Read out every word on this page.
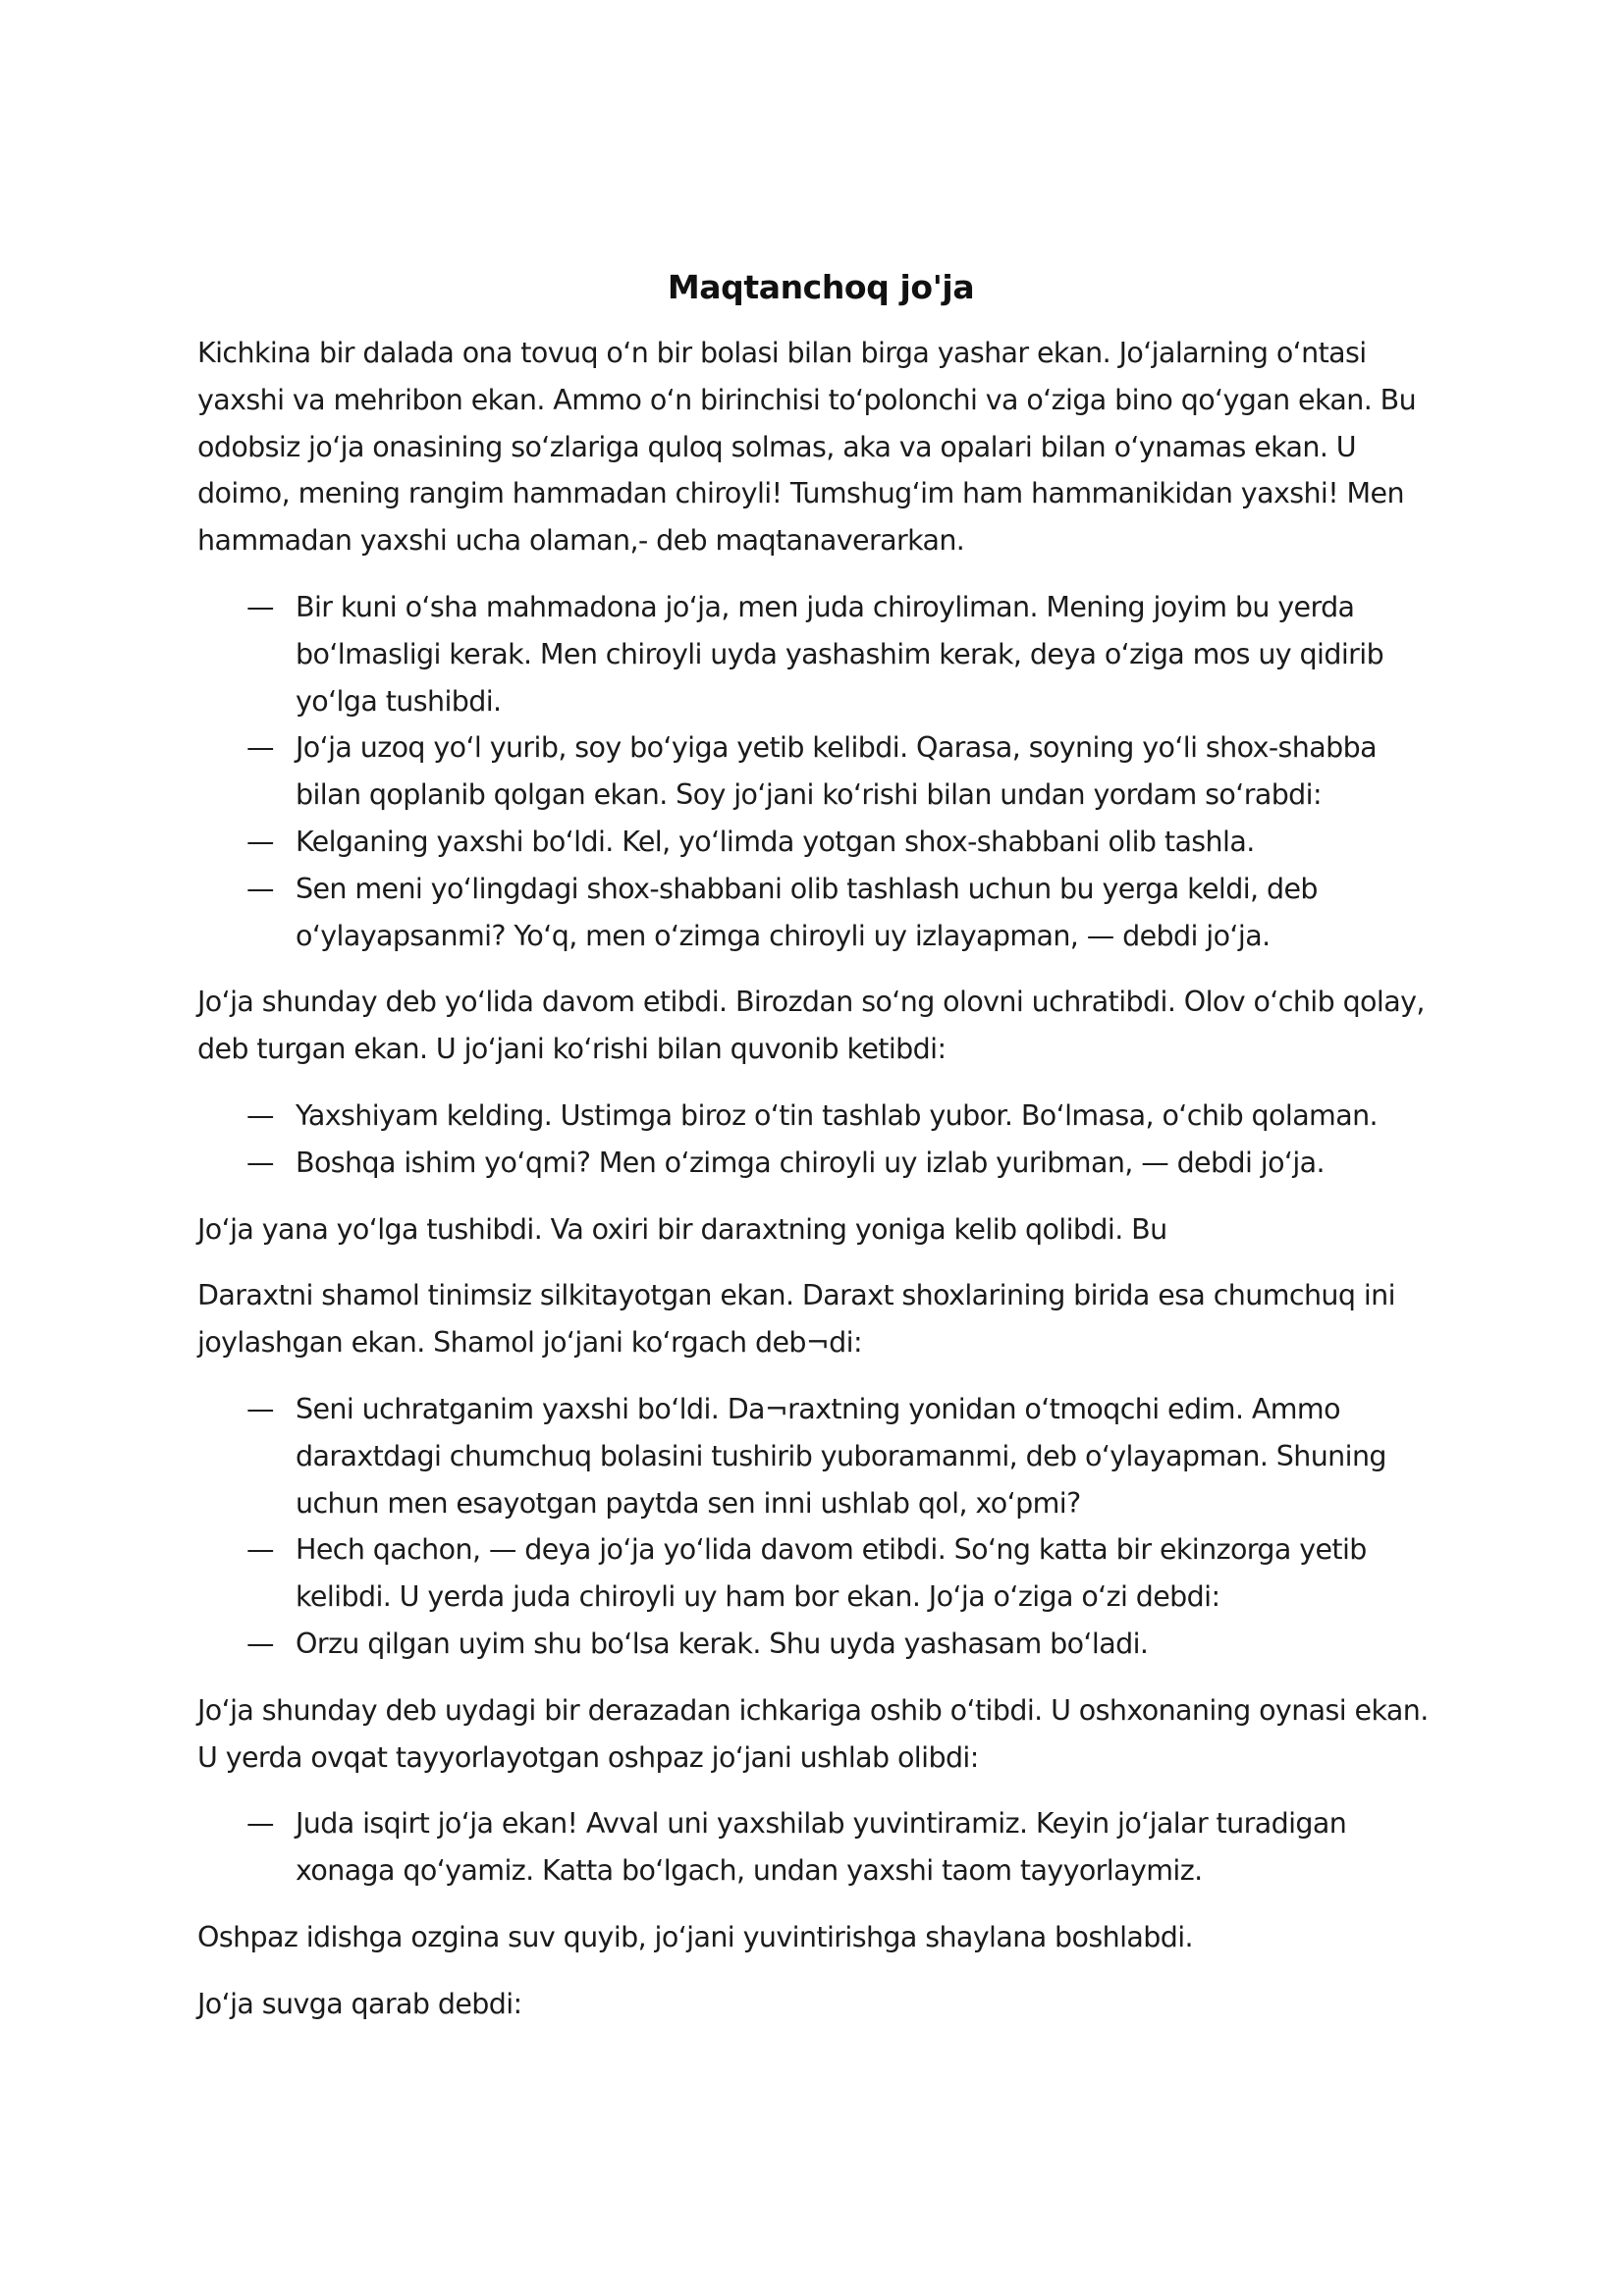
Maqtanchoq jo'ja

Kichkina bir dalada ona tovuq o‘n bir bolasi bilan birga yashar ekan. Jo‘jalarning o‘ntasi yaxshi va mehribon ekan. Ammo o‘n birinchisi to‘polonchi va o‘ziga bino qo‘ygan ekan. Bu odobsiz jo‘ja onasining so‘zlariga quloq solmas, aka va opalari bilan o‘ynamas ekan. U doimo, mening rangim hammadan chiroyli! Tumshug‘im ham hammanikidan yaxshi! Men hammadan yaxshi ucha olaman,- deb maqtanaverarkan.

— Bir kuni o‘sha mahmadona jo‘ja, men juda chiroyliman. Mening joyim bu yerda bo‘lmasligi kerak. Men chiroyli uyda yashashim kerak, deya o‘ziga mos uy qidirib yo‘lga tushibdi.
— Jo‘ja uzoq yo‘l yurib, soy bo‘yiga yetib kelibdi. Qarasa, soyning yo‘li shox-shabba bilan qoplanib qolgan ekan. Soy jo‘jani ko‘rishi bilan undan yordam so‘rabdi:
— Kelganing yaxshi bo‘ldi. Kel, yo‘limda yotgan shox-shabbani olib tashla.
— Sen meni yo‘lingdagi shox-shabbani olib tashlash uchun bu yerga keldi, deb o‘ylayapsanmi? Yo‘q, men o‘zimga chiroyli uy izlayapman, — debdi jo‘ja.

Jo‘ja shunday deb yo‘lida davom etibdi. Birozdan so‘ng olovni uchratibdi. Olov o‘chib qolay, deb turgan ekan. U jo‘jani ko‘rishi bilan quvonib ketibdi:

— Yaxshiyam kelding. Ustimga biroz o‘tin tashlab yubor. Bo‘lmasa, o‘chib qolaman.
— Boshqa ishim yo‘qmi? Men o‘zimga chiroyli uy izlab yuribman, — debdi jo‘ja.

Jo‘ja yana yo‘lga tushibdi. Va oxiri bir daraxtning yoniga kelib qolibdi. Bu

Daraxtni shamol tinimsiz silkitayotgan ekan. Daraxt shoxlarining birida esa chumchuq ini joylashgan ekan. Shamol jo‘jani ko‘rgach deb¬di:

— Seni uchratganim yaxshi bo‘ldi. Da¬raxtning yonidan o‘tmoqchi edim. Ammo daraxtdagi chumchuq bolasini tushirib yuboramanmi, deb o‘ylayapman. Shuning uchun men esayotgan paytda sen inni ushlab qol, xo‘pmi?
— Hech qachon, — deya jo‘ja yo‘lida davom etibdi. So‘ng katta bir ekinzorga yetib kelibdi. U yerda juda chiroyli uy ham bor ekan. Jo‘ja o‘ziga o‘zi debdi:
— Orzu qilgan uyim shu bo‘lsa kerak. Shu uyda yashasam bo‘ladi.

Jo‘ja shunday deb uydagi bir derazadan ichkariga oshib o‘tibdi. U oshxonaning oynasi ekan. U yerda ovqat tayyorlayotgan oshpaz jo‘jani ushlab olibdi:

— Juda isqirt jo‘ja ekan! Avval uni yaxshilab yuvintiramiz. Keyin jo‘jalar turadigan xonaga qo‘yamiz. Katta bo‘lgach, undan yaxshi taom tayyorlaymiz.

Oshpaz idishga ozgina suv quyib, jo‘jani yuvintirishga shaylana boshlabdi.

Jo‘ja suvga qarab debdi:
